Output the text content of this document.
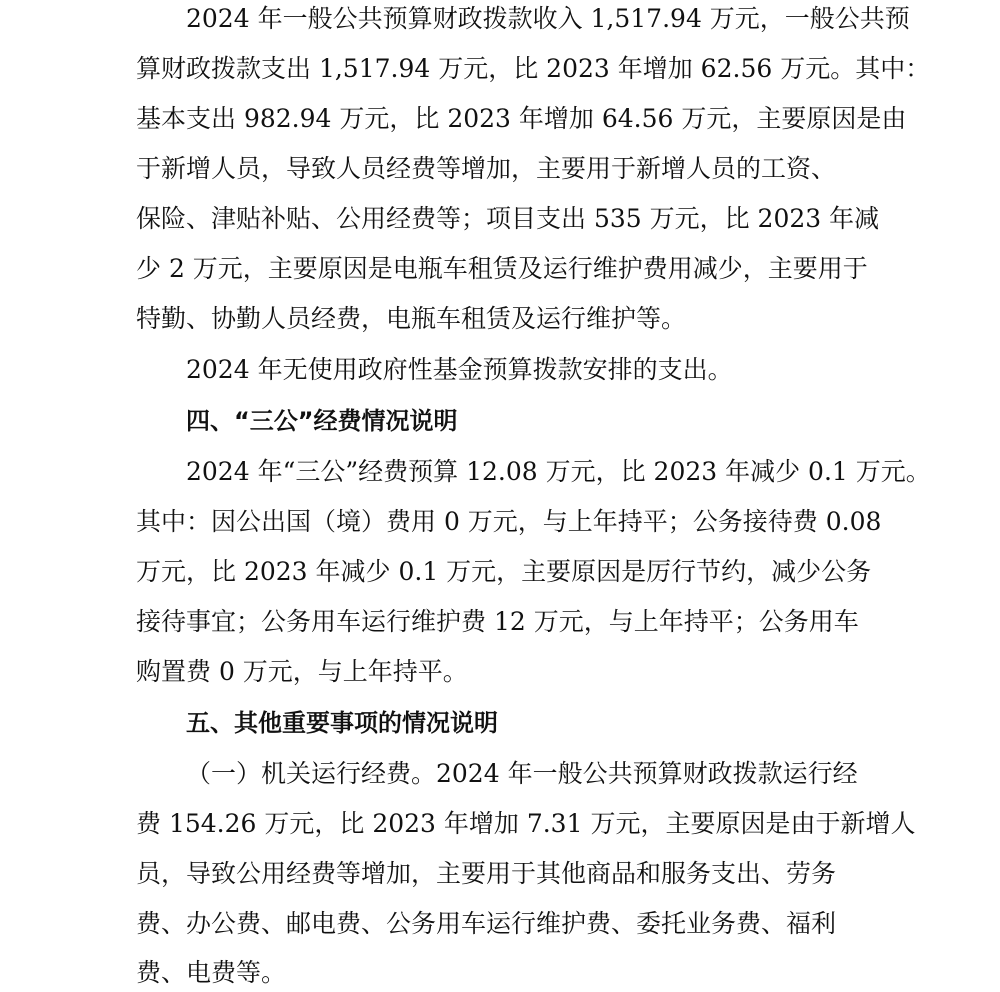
2024 年一般公共预算财政拨款收入 1,517.94 万元，一般公共预
算财政拨款支出 1,517.94 万元，比 2023 年增加 62.56 万元。其中：
基本支出 982.94 万元，比 2023 年增加 64.56 万元，主要原因是由
于新增人员，导致人员经费等增加，主要用于新增人员的工资、
保险、津贴补贴、公用经费等；项目支出 535 万元，比 2023 年减
少 2 万元，主要原因是电瓶车租赁及运行维护费用减少，主要用于
特勤、协勤人员经费，电瓶车租赁及运行维护等。
2024 年无使用政府性基金预算拨款安排的支出。
四、“三公”经费情况说明
2024 年“三公”经费预算 12.08 万元，比 2023 年减少 0.1 万元。
其中：因公出国（境）费用 0 万元，与上年持平；公务接待费 0.08
万元，比 2023 年减少 0.1 万元，主要原因是厉行节约，减少公务
接待事宜；公务用车运行维护费 12 万元，与上年持平；公务用车
购置费 0 万元，与上年持平。
五、其他重要事项的情况说明
（一）机关运行经费。2024 年一般公共预算财政拨款运行经
费 154.26 万元，比 2023 年增加 7.31 万元，主要原因是由于新增人
员，导致公用经费等增加，主要用于其他商品和服务支出、劳务
费、办公费、邮电费、公务用车运行维护费、委托业务费、福利
费、电费等。
